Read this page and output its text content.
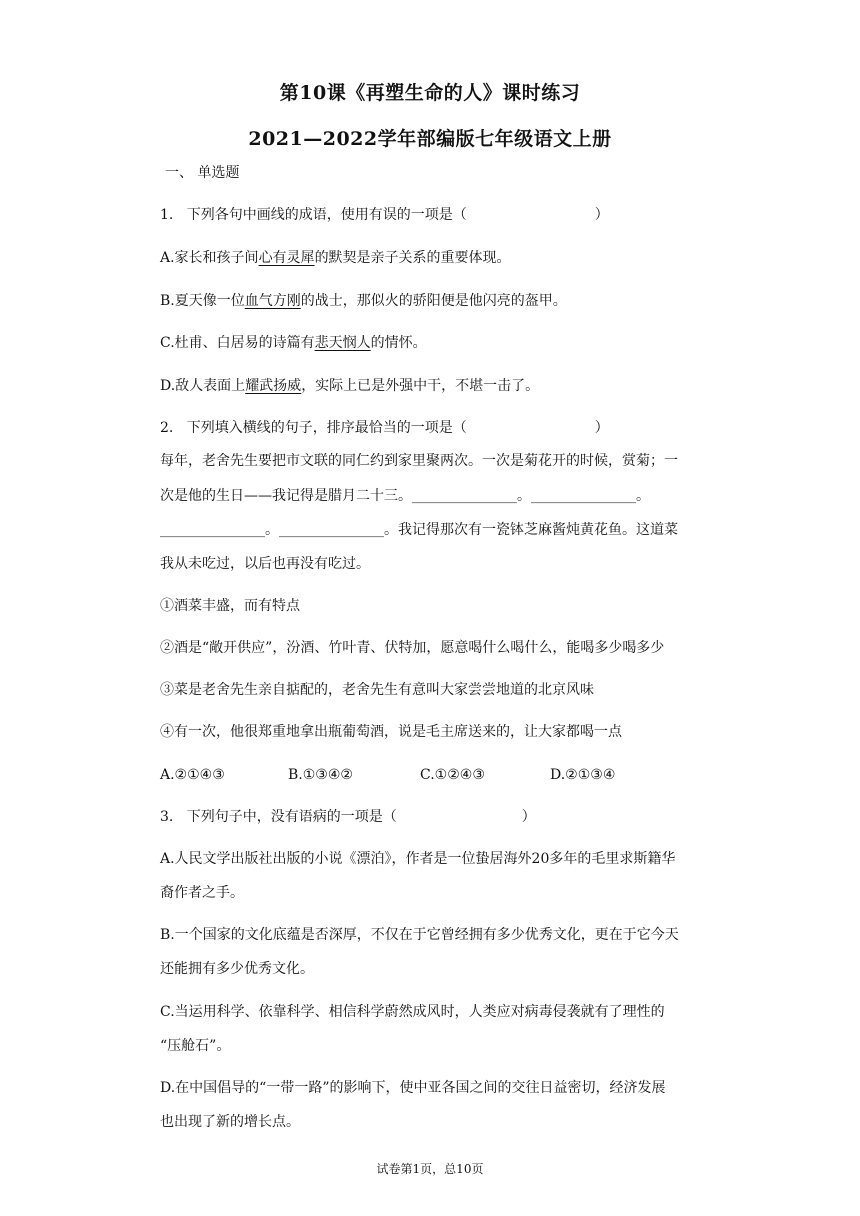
第10课《再塑生命的人》课时练习
2021—2022学年部编版七年级语文上册
一、 单选题
1.   下列各句中画线的成语，使用有误的一项是（	）
A.家长和孩子间心有灵犀的默契是亲子关系的重要体现。
B.夏天像一位血气方刚的战士，那似火的骄阳便是他闪亮的盔甲。
C.杜甫、白居易的诗篇有悲天悯人的情怀。
D.敌人表面上耀武扬威，实际上已是外强中干，不堪一击了。
2.   下列填入横线的句子，排序最恰当的一项是（	）
每年，老舍先生要把市文联的同仁约到家里聚两次。一次是菊花开的时候，赏菊；一
次是他的生日——我记得是腊月二十三。_______________。_______________。
_______________。_______________。我记得那次有一瓷钵芝麻酱炖黄花鱼。这道菜
我从未吃过，以后也再没有吃过。
①酒菜丰盛，而有特点
②酒是“敞开供应”，汾酒、竹叶青、伏特加，愿意喝什么喝什么，能喝多少喝多少
③菜是老舍先生亲自掂配的，老舍先生有意叫大家尝尝地道的北京风味
④有一次，他很郑重地拿出瓶葡萄酒，说是毛主席送来的，让大家都喝一点
A.②①④③	B.①③④②	C.①②④③	D.②①③④
3.   下列句子中，没有语病的一项是（	）
A.人民文学出版社出版的小说《漂泊》，作者是一位蛰居海外20多年的毛里求斯籍华
裔作者之手。
B.一个国家的文化底蕴是否深厚，不仅在于它曾经拥有多少优秀文化，更在于它今天
还能拥有多少优秀文化。
C.当运用科学、依靠科学、相信科学蔚然成风时，人类应对病毒侵袭就有了理性的
“压舱石”。
D.在中国倡导的“一带一路”的影响下，使中亚各国之间的交往日益密切，经济发展
也出现了新的增长点。
试卷第1页，总10页
